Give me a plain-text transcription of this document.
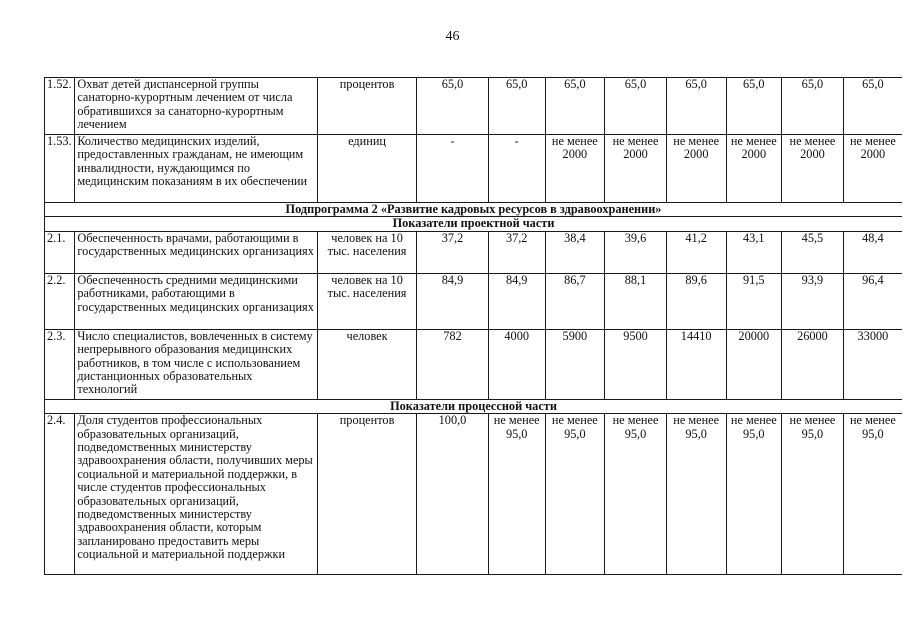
46
1.52.	Охват детей диспансерной группы санаторно-курортным лечением от числа обратившихся за санаторно-курортным лечением	процентов	65,0	65,0	65,0	65,0	65,0	65,0	65,0	65,0
1.53.	Количество медицинских изделий, предоставленных гражданам, не имеющим инвалидности, нуждающимся по медицинским показаниям в их обеспечении	единиц	-	-	не менее 2000	не менее 2000	не менее 2000	не менее 2000	не менее 2000	не менее 2000
Подпрограмма 2 «Развитие кадровых ресурсов в здравоохранении»										
Показатели проектной части										
2.1.	Обеспеченность врачами, работающими в государственных медицинских организациях	человек на 10 тыс. населения	37,2	37,2	38,4	39,6	41,2	43,1	45,5	48,4
2.2.	Обеспеченность средними медицинскими работниками, работающими в государственных медицинских организациях	человек на 10 тыс. населения	84,9	84,9	86,7	88,1	89,6	91,5	93,9	96,4
2.3.	Число специалистов, вовлеченных в систему непрерывного образования медицинских работников, в том числе с использованием дистанционных образовательных технологий	человек	782	4000	5900	9500	14410	20000	26000	33000
Показатели процессной части										
2.4.	Доля студентов профессиональных образовательных организаций, подведомственных министерству здравоохранения области, получивших меры социальной и материальной поддержки, в числе студентов профессиональных образовательных организаций, подведомственных министерству здравоохранения области, которым запланировано предоставить меры социальной и материальной поддержки	процентов	100,0	не менее 95,0	не менее 95,0	не менее 95,0	не менее 95,0	не менее 95,0	не менее 95,0	не менее 95,0
